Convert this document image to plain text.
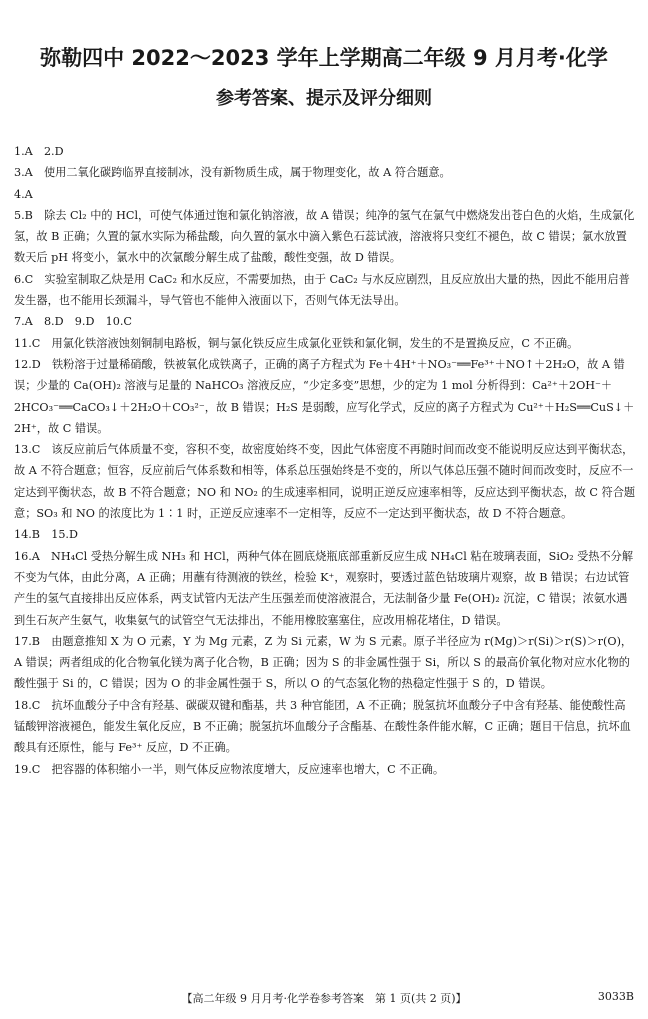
弥勒四中 2022～2023 学年上学期高二年级 9 月月考·化学
参考答案、提示及评分细则
1.A　2.D
3.A　使用二氧化碳跨临界直接制冰，没有新物质生成，属于物理变化，故 A 符合题意。
4.A
5.B　除去 Cl₂ 中的 HCl，可使气体通过饱和氯化钠溶液，故 A 错误；纯净的氢气在氯气中燃烧发出苍白色的火焰，生成氯化氢，故 B 正确；久置的氯水实际为稀盐酸，向久置的氯水中滴入紫色石蕊试液，溶液将只变红不褪色，故 C 错误；氯水放置数天后 pH 将变小，氯水中的次氯酸分解生成了盐酸，酸性变强，故 D 错误。
6.C　实验室制取乙炔是用 CaC₂ 和水反应，不需要加热，由于 CaC₂ 与水反应剧烈，且反应放出大量的热，因此不能用启普发生器，也不能用长颈漏斗，导气管也不能伸入液面以下，否则气体无法导出。
7.A　8.D　9.D　10.C
11.C　用氯化铁溶液蚀刻铜制电路板，铜与氯化铁反应生成氯化亚铁和氯化铜，发生的不是置换反应，C 不正确。
12.D　铁粉溶于过量稀硝酸，铁被氧化成铁离子，正确的离子方程式为 Fe＋4H⁺＋NO₃⁻══Fe³⁺＋NO↑＋2H₂O，故 A 错误；少量的 Ca(OH)₂ 溶液与足量的 NaHCO₃ 溶液反应，“少定多变”思想，少的定为 1 mol 分析得到：Ca²⁺＋2OH⁻＋2HCO₃⁻══CaCO₃↓＋2H₂O＋CO₃²⁻，故 B 错误；H₂S 是弱酸，应写化学式，反应的离子方程式为 Cu²⁺＋H₂S══CuS↓＋2H⁺，故 C 错误。
13.C　该反应前后气体质量不变，容积不变，故密度始终不变，因此气体密度不再随时间而改变不能说明反应达到平衡状态，故 A 不符合题意；恒容，反应前后气体系数和相等，体系总压强始终是不变的，所以气体总压强不随时间而改变时，反应不一定达到平衡状态，故 B 不符合题意；NO 和 NO₂ 的生成速率相同，说明正逆反应速率相等，反应达到平衡状态，故 C 符合题意；SO₃ 和 NO 的浓度比为 1∶1 时，正逆反应速率不一定相等，反应不一定达到平衡状态，故 D 不符合题意。
14.B　15.D
16.A　NH₄Cl 受热分解生成 NH₃ 和 HCl，两种气体在圆底烧瓶底部重新反应生成 NH₄Cl 粘在玻璃表面，SiO₂ 受热不分解不变为气体，由此分离，A 正确；用蘸有待测液的铁丝，检验 K⁺，观察时，要透过蓝色钴玻璃片观察，故 B 错误；右边试管产生的氢气直接排出反应体系，两支试管内无法产生压强差而使溶液混合，无法制备少量 Fe(OH)₂ 沉淀，C 错误；浓氨水遇到生石灰产生氨气，收集氨气的试管空气无法排出，不能用橡胶塞塞住，应改用棉花堵住，D 错误。
17.B　由题意推知 X 为 O 元素，Y 为 Mg 元素，Z 为 Si 元素，W 为 S 元素。原子半径应为 r(Mg)＞r(Si)＞r(S)＞r(O)，A 错误；两者组成的化合物氧化镁为离子化合物，B 正确；因为 S 的非金属性强于 Si，所以 S 的最高价氧化物对应水化物的酸性强于 Si 的，C 错误；因为 O 的非金属性强于 S，所以 O 的气态氢化物的热稳定性强于 S 的，D 错误。
18.C　抗坏血酸分子中含有羟基、碳碳双键和酯基，共 3 种官能团，A 不正确；脱氢抗坏血酸分子中含有羟基、能使酸性高锰酸钾溶液褪色，能发生氧化反应，B 不正确；脱氢抗坏血酸分子含酯基、在酸性条件能水解，C 正确；题目干信息，抗坏血酸具有还原性，能与 Fe³⁺ 反应，D 不正确。
19.C　把容器的体积缩小一半，则气体反应物浓度增大，反应速率也增大，C 不正确。
【高二年级 9 月月考·化学卷参考答案　第 1 页(共 2 页)】	3033B
